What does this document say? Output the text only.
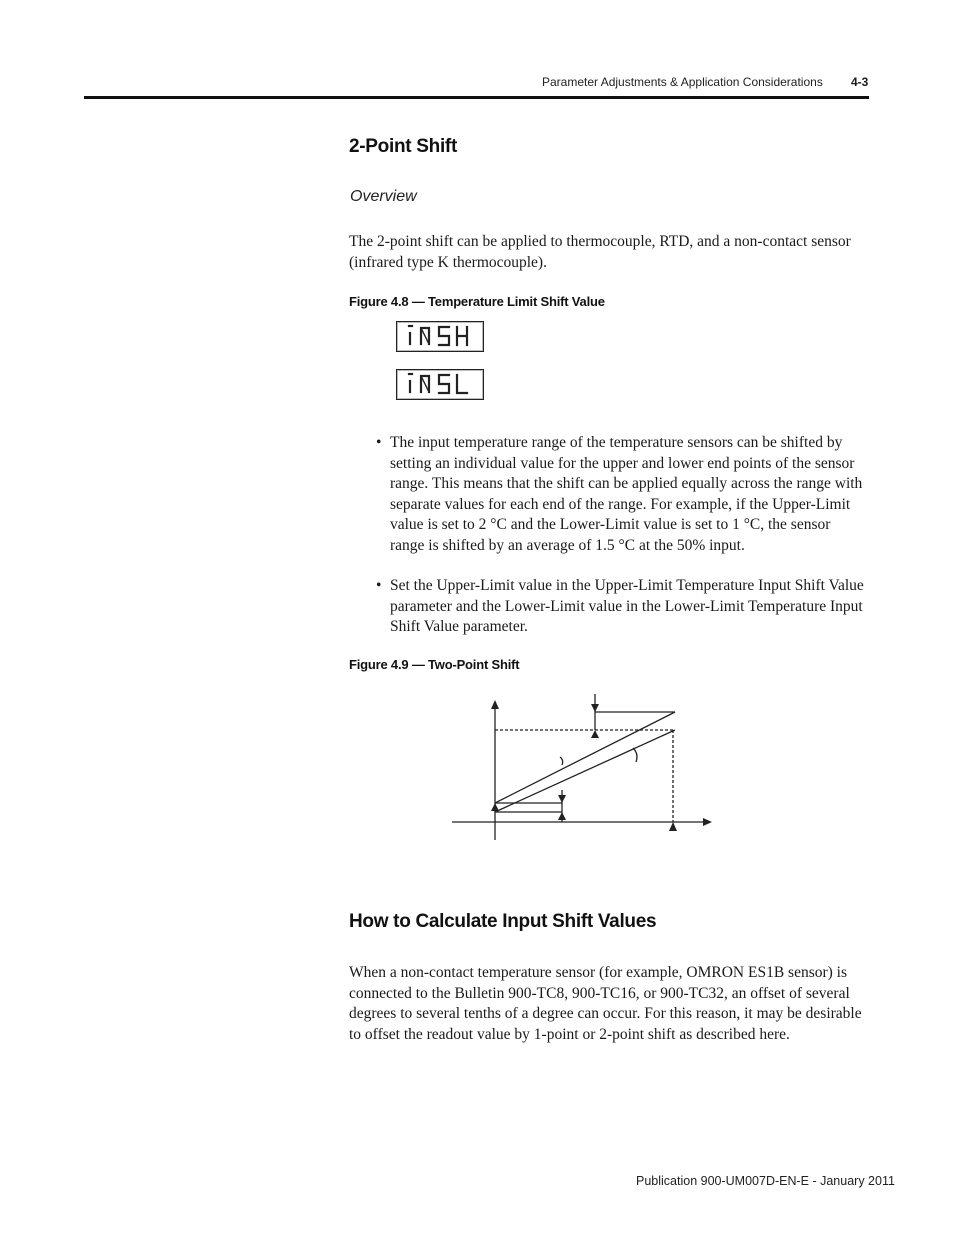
Parameter Adjustments & Application Considerations 4-3
2-Point Shift
Overview
The 2-point shift can be applied to thermocouple, RTD, and a non-contact sensor (infrared type K thermocouple).
Figure 4.8 — Temperature Limit Shift Value
• The input temperature range of the temperature sensors can be shifted by setting an individual value for the upper and lower end points of the sensor range. This means that the shift can be applied equally across the range with separate values for each end of the range. For example, if the Upper-Limit value is set to 2 °C and the Lower-Limit value is set to 1 °C, the sensor range is shifted by an average of 1.5 °C at the 50% input.
• Set the Upper-Limit value in the Upper-Limit Temperature Input Shift Value parameter and the Lower-Limit value in the Lower-Limit Temperature Input Shift Value parameter.
Figure 4.9 — Two-Point Shift
How to Calculate Input Shift Values
When a non-contact temperature sensor (for example, OMRON ES1B sensor) is connected to the Bulletin 900-TC8, 900-TC16, or 900-TC32, an offset of several degrees to several tenths of a degree can occur. For this reason, it may be desirable to offset the readout value by 1-point or 2-point shift as described here.
Publication 900-UM007D-EN-E - January 2011
